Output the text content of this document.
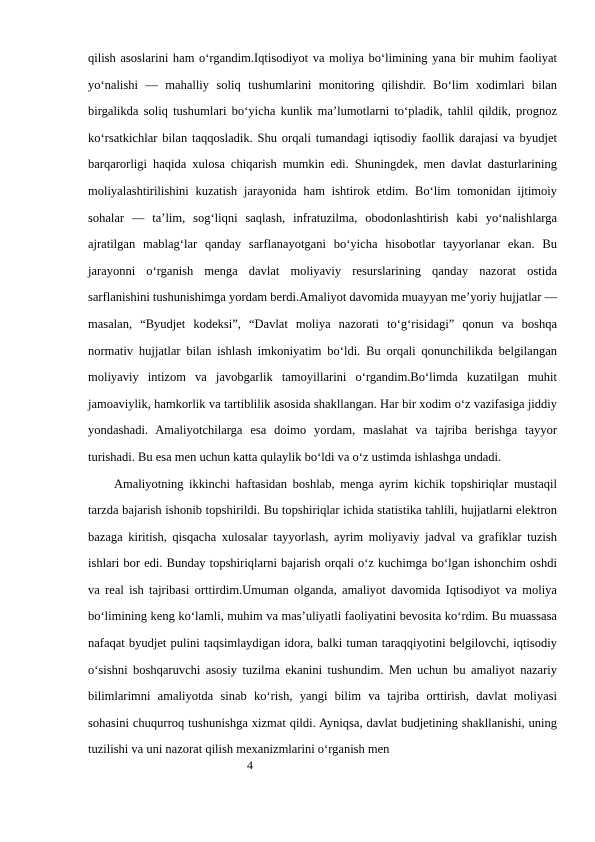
qilish asoslarini ham o‘rgandim.Iqtisodiyot va moliya bo‘limining yana bir muhim faoliyat yo‘nalishi — mahalliy soliq tushumlarini monitoring qilishdir. Bo‘lim xodimlari bilan birgalikda soliq tushumlari bo‘yicha kunlik ma’lumotlarni to‘pladik, tahlil qildik, prognoz ko‘rsatkichlar bilan taqqosladik. Shu orqali tumandagi iqtisodiy faollik darajasi va byudjet barqarorligi haqida xulosa chiqarish mumkin edi. Shuningdek, men davlat dasturlarining moliyalashtirilishini kuzatish jarayonida ham ishtirok etdim. Bo‘lim tomonidan ijtimoiy sohalar — ta’lim, sog‘liqni saqlash, infratuzilma, obodonlashtirish kabi yo‘nalishlarga ajratilgan mablag‘lar qanday sarflanayotgani bo‘yicha hisobotlar tayyorlanar ekan. Bu jarayonni o‘rganish menga davlat moliyaviy resurslarining qanday nazorat ostida sarflanishini tushunishimga yordam berdi.Amaliyot davomida muayyan me’yoriy hujjatlar — masalan, “Byudjet kodeksi”, “Davlat moliya nazorati to‘g‘risidagi” qonun va boshqa normativ hujjatlar bilan ishlash imkoniyatim bo‘ldi. Bu orqali qonunchilikda belgilangan moliyaviy intizom va javobgarlik tamoyillarini o‘rgandim.Bo‘limda kuzatilgan muhit jamoaviylik, hamkorlik va tartiblilik asosida shakllangan. Har bir xodim o‘z vazifasiga jiddiy yondashadi. Amaliyotchilarga esa doimo yordam, maslahat va tajriba berishga tayyor turishadi. Bu esa men uchun katta qulaylik bo‘ldi va o‘z ustimda ishlashga undadi.

Amaliyotning ikkinchi haftasidan boshlab, menga ayrim kichik topshiriqlar mustaqil tarzda bajarish ishonib topshirildi. Bu topshiriqlar ichida statistika tahlili, hujjatlarni elektron bazaga kiritish, qisqacha xulosalar tayyorlash, ayrim moliyaviy jadval va grafiklar tuzish ishlari bor edi. Bunday topshiriqlarni bajarish orqali o‘z kuchimga bo‘lgan ishonchim oshdi va real ish tajribasi orttirdim.Umuman olganda, amaliyot davomida Iqtisodiyot va moliya bo‘limining keng ko‘lamli, muhim va mas’uliyatli faoliyatini bevosita ko‘rdim. Bu muassasa nafaqat byudjet pulini taqsimlaydigan idora, balki tuman taraqqiyotini belgilovchi, iqtisodiy o‘sishni boshqaruvchi asosiy tuzilma ekanini tushundim. Men uchun bu amaliyot nazariy bilimlarimni amaliyotda sinab ko‘rish, yangi bilim va tajriba orttirish, davlat moliyasi sohasini chuqurroq tushunishga xizmat qildi. Ayniqsa, davlat budjetining shakllanishi, uning tuzilishi va uni nazorat qilish mexanizmlarini o‘rganish men

4
